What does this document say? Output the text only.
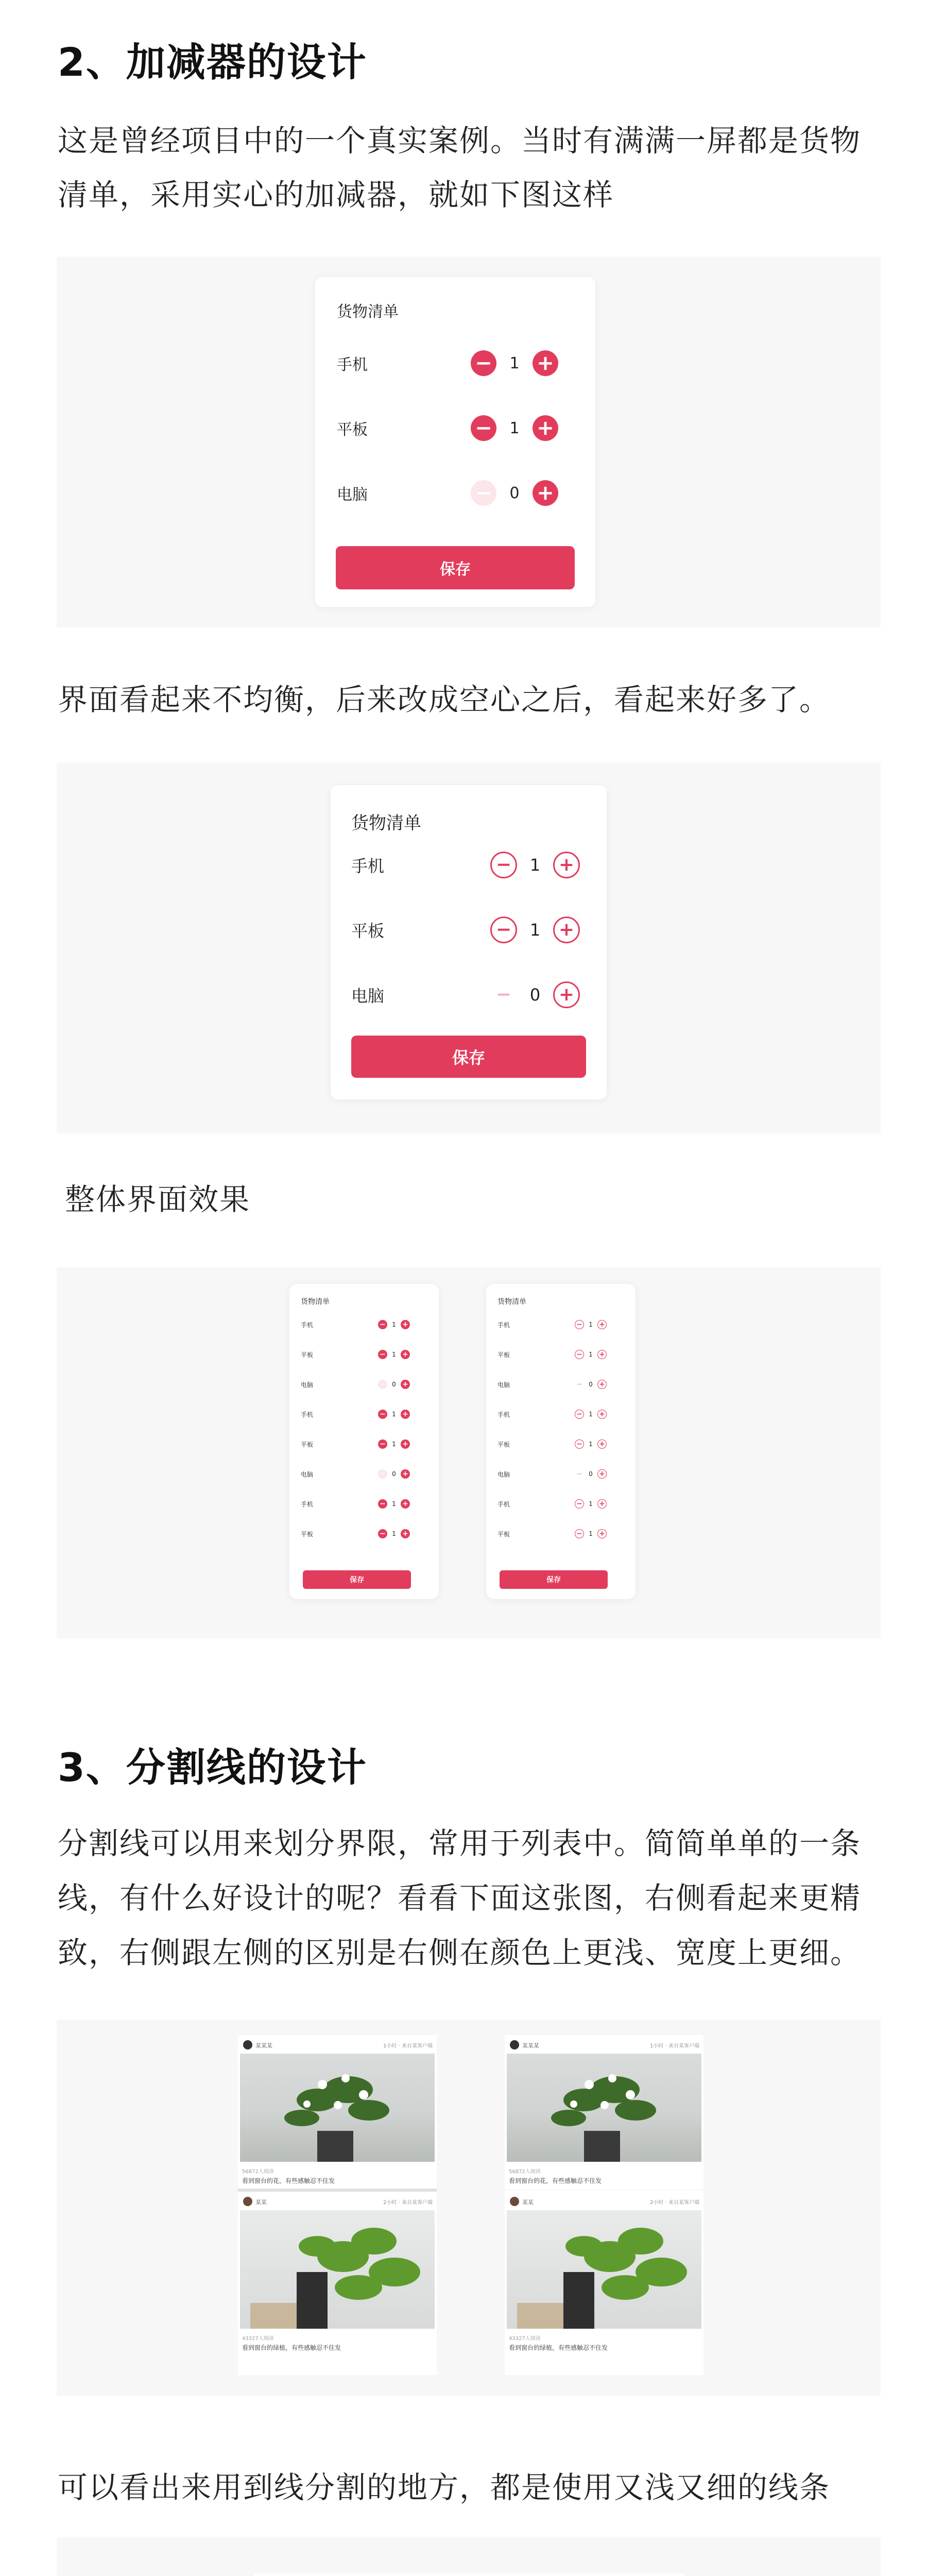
2、加减器的设计
这是曾经项目中的一个真实案例。当时有满满一屏都是货物
清单，采用实心的加减器，就如下图这样
货物清单
手机	−	1 +
平板	−	1 +
电脑	−	0 +
保存
界面看起来不均衡，后来改成空心之后，看起来好多了。
货物清单
手机	−	1 +
平板	−	1 +
电脑	−	0 +
保存
整体界面效果
货物清单
保存
手机	−	1 +
平板	−	1 +
电脑	−	0 +
手机	−	1 +
平板	−	1 +
电脑	−	0 +
手机	−	1 +
平板	−	1 +
货物清单
保存
手机	−	1 +
平板	−	1 +
电脑	−	0 +
手机	−	1 +
平板	−	1 +
电脑	−	0 +
手机	−	1 +
平板	−	1 +
3、分割线的设计
分割线可以用来划分界限，常用于列表中。简简单单的一条
线，有什么好设计的呢？看看下面这张图，右侧看起来更精
致，右侧跟左侧的区别是右侧在颜色上更浅、宽度上更细。
某某某	1小时 · 来自某客户端
56872人阅读
看到窗台的花，有些感触忍不住发
某某	2小时 · 来自某客户端
43327人阅读
看到窗台的绿植，有些感触忍不住发
某某某	1小时 · 来自某客户端
56872人阅读
看到窗台的花，有些感触忍不住发
某某	2小时 · 来自某客户端
43327人阅读
看到窗台的绿植，有些感触忍不住发
可以看出来用到线分割的地方，都是使用又浅又细的线条
